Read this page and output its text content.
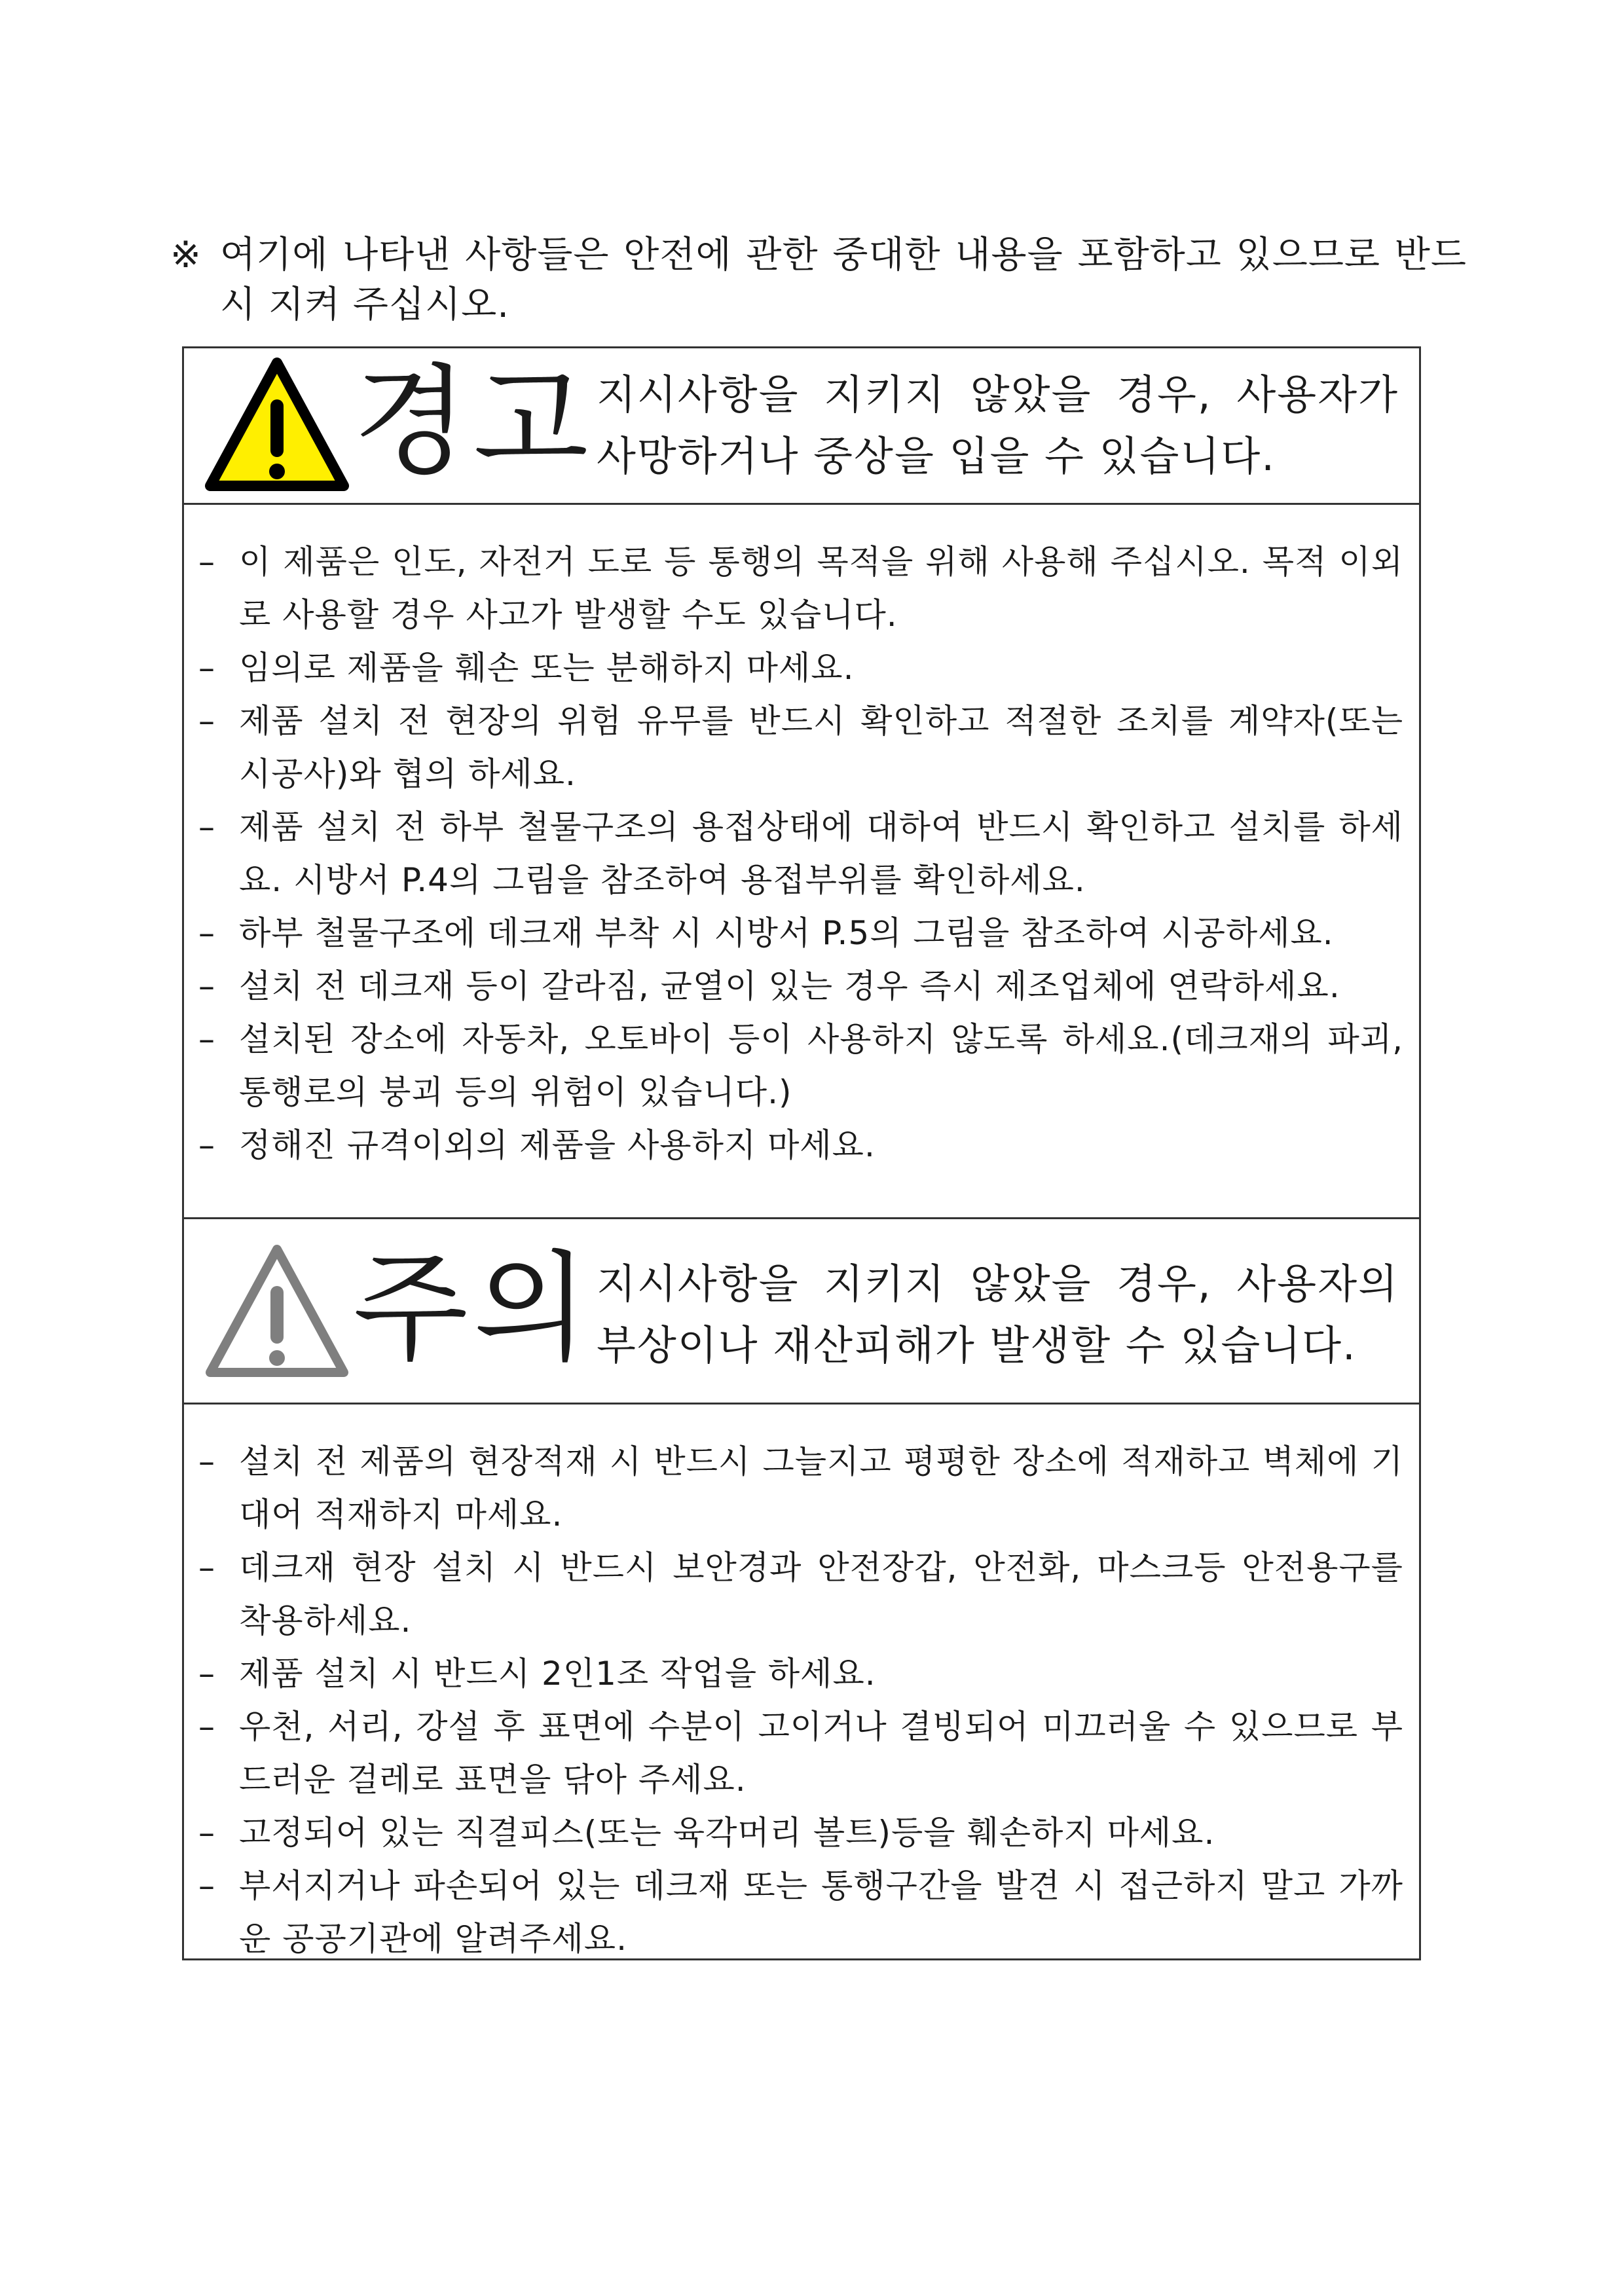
※ 여기에 나타낸 사항들은 안전에 관한 중대한 내용을 포함하고 있으므로 반드시 지켜 주십시오.
경고 지시사항을 지키지 않았을 경우, 사용자가 사망하거나 중상을 입을 수 있습니다.
– 이 제품은 인도, 자전거 도로 등 통행의 목적을 위해 사용해 주십시오. 목적 이외로 사용할 경우 사고가 발생할 수도 있습니다.
– 임의로 제품을 훼손 또는 분해하지 마세요.
– 제품 설치 전 현장의 위험 유무를 반드시 확인하고 적절한 조치를 계약자(또는 시공사)와 협의 하세요.
– 제품 설치 전 하부 철물구조의 용접상태에 대하여 반드시 확인하고 설치를 하세요. 시방서 P.4의 그림을 참조하여 용접부위를 확인하세요.
– 하부 철물구조에 데크재 부착 시 시방서 P.5의 그림을 참조하여 시공하세요.
– 설치 전 데크재 등이 갈라짐, 균열이 있는 경우 즉시 제조업체에 연락하세요.
– 설치된 장소에 자동차, 오토바이 등이 사용하지 않도록 하세요.(데크재의 파괴, 통행로의 붕괴 등의 위험이 있습니다.)
– 정해진 규격이외의 제품을 사용하지 마세요.
주의 지시사항을 지키지 않았을 경우, 사용자의 부상이나 재산피해가 발생할 수 있습니다.
– 설치 전 제품의 현장적재 시 반드시 그늘지고 평평한 장소에 적재하고 벽체에 기대어 적재하지 마세요.
– 데크재 현장 설치 시 반드시 보안경과 안전장갑, 안전화, 마스크등 안전용구를 착용하세요.
– 제품 설치 시 반드시 2인1조 작업을 하세요.
– 우천, 서리, 강설 후 표면에 수분이 고이거나 결빙되어 미끄러울 수 있으므로 부드러운 걸레로 표면을 닦아 주세요.
– 고정되어 있는 직결피스(또는 육각머리 볼트)등을 훼손하지 마세요.
– 부서지거나 파손되어 있는 데크재 또는 통행구간을 발견 시 접근하지 말고 가까운 공공기관에 알려주세요.
